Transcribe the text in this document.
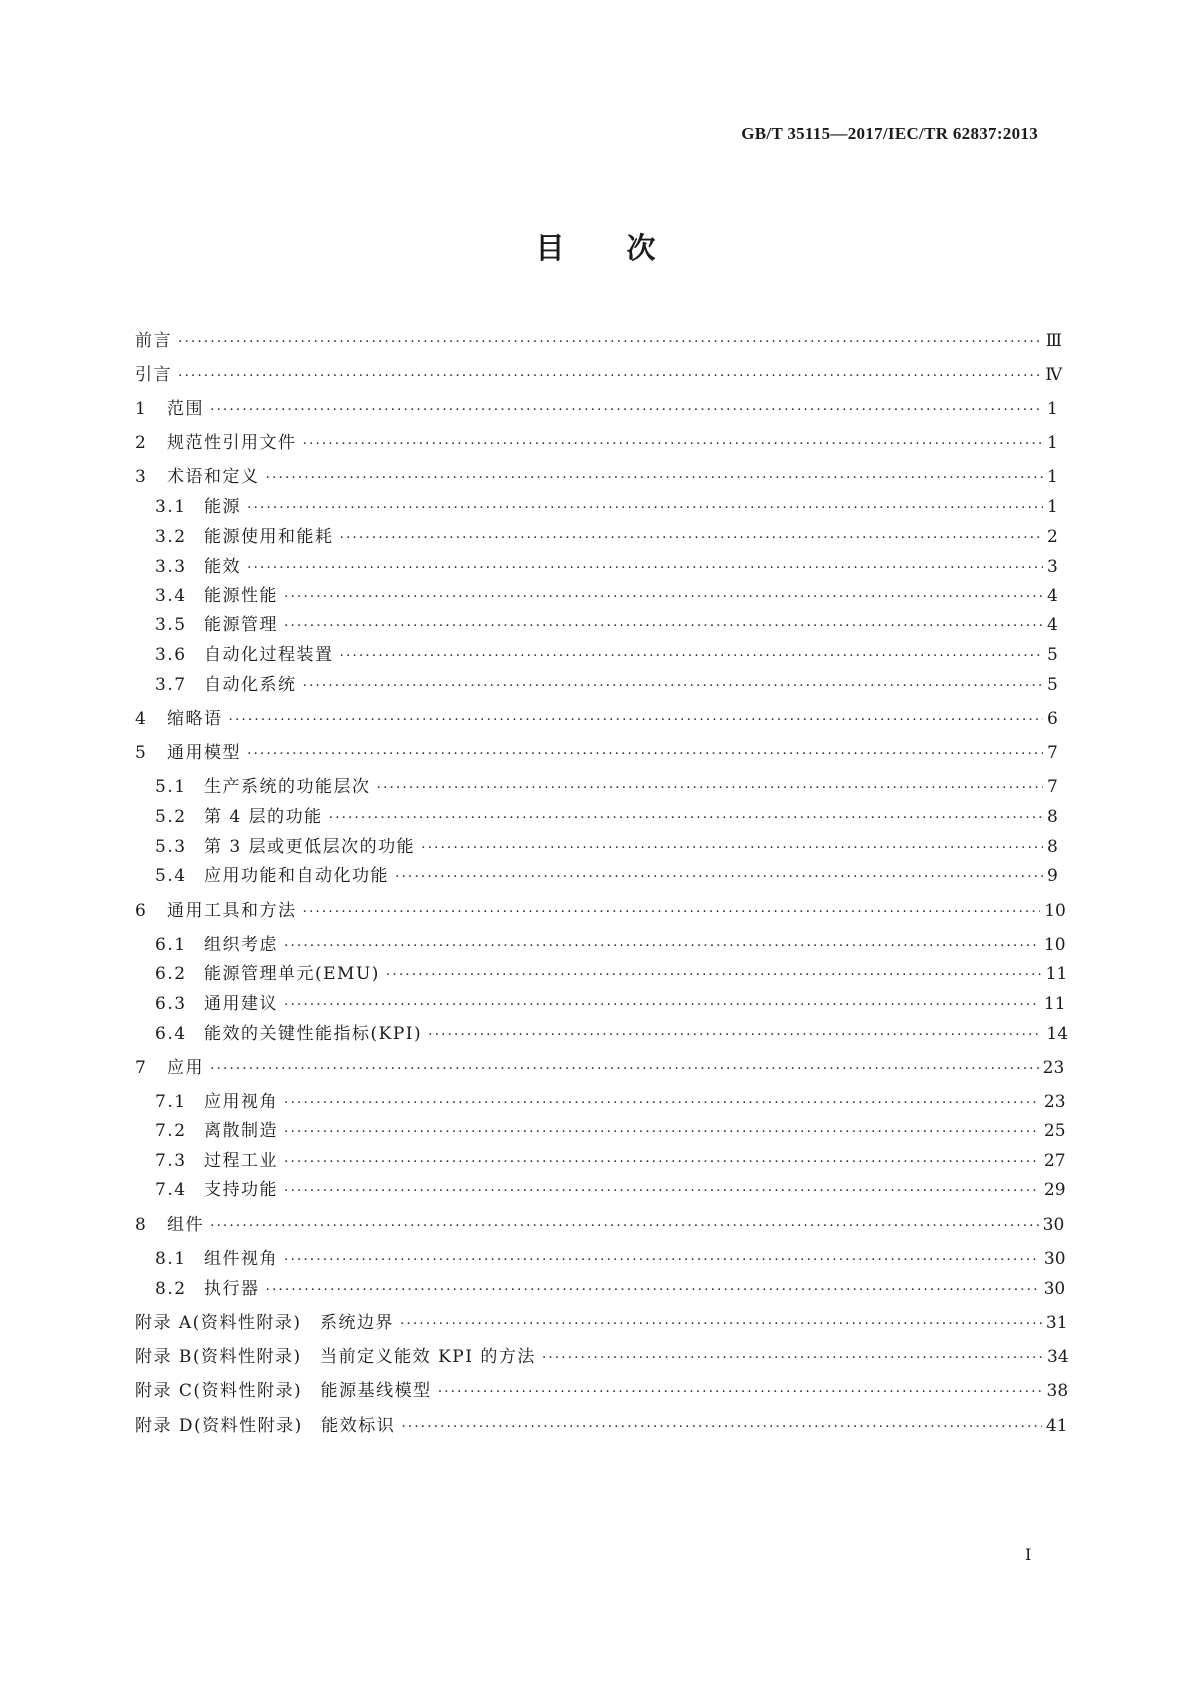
GB/T 35115—2017/IEC/TR 62837:2013
目次
前言 ·····	Ⅲ
引言 ·····	Ⅳ
1 范围 ·····	1
2 规范性引用文件 ·····	1
3 术语和定义 ·····	1
3.1 能源 ·····	1
3.2 能源使用和能耗 ·····	2
3.3 能效 ·····	3
3.4 能源性能 ·····	4
3.5 能源管理 ·····	4
3.6 自动化过程装置 ·····	5
3.7 自动化系统 ·····	5
4 缩略语 ·····	6
5 通用模型 ·····	7
5.1 生产系统的功能层次 ·····	7
5.2 第 4 层的功能 ·····	8
5.3 第 3 层或更低层次的功能 ·····	8
5.4 应用功能和自动化功能 ·····	9
6 通用工具和方法 ·····	10
6.1 组织考虑 ·····	10
6.2 能源管理单元(EMU) ·····	11
6.3 通用建议 ·····	11
6.4 能效的关键性能指标(KPI) ·····	14
7 应用 ·····	23
7.1 应用视角 ·····	23
7.2 离散制造 ·····	25
7.3 过程工业 ·····	27
7.4 支持功能 ·····	29
8 组件 ·····	30
8.1 组件视角 ·····	30
8.2 执行器 ·····	30
附录 A(资料性附录)　系统边界 ·····	31
附录 B(资料性附录)　当前定义能效 KPI 的方法 ·····	34
附录 C(资料性附录)　能源基线模型 ·····	38
附录 D(资料性附录)　能效标识 ·····	41
Ⅰ
